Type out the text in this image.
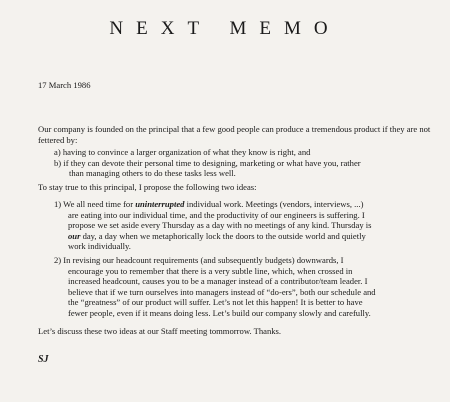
NEXT MEMO
17 March 1986
Our company is founded on the principal that a few good people can produce a tremendous product if they are not fettered by:
a) having to convince a larger organization of what they know is right, and
b) if they can devote their personal time to designing, marketing or what have you, rather
than managing others to do these tasks less well.
To stay true to this principal, I propose the following two ideas:
1) We all need time for uninterrupted individual work. Meetings (vendors, interviews, ...)
are eating into our individual time, and the productivity of our engineers is suffering. I
propose we set aside every Thursday as a day with no meetings of any kind. Thursday is
our day, a day when we metaphorically lock the doors to the outside world and quietly
work individually.
2) In revising our headcount requirements (and subsequently budgets) downwards, I
encourage you to remember that there is a very subtle line, which, when crossed in
increased headcount, causes you to be a manager instead of a contributor/team leader. I
believe that if we turn ourselves into managers instead of “do-ers”, both our schedule and
the “greatness” of our product will suffer. Let’s not let this happen! It is better to have
fewer people, even if it means doing less. Let’s build our company slowly and carefully.
Let’s discuss these two ideas at our Staff meeting tommorrow. Thanks.
SJ
